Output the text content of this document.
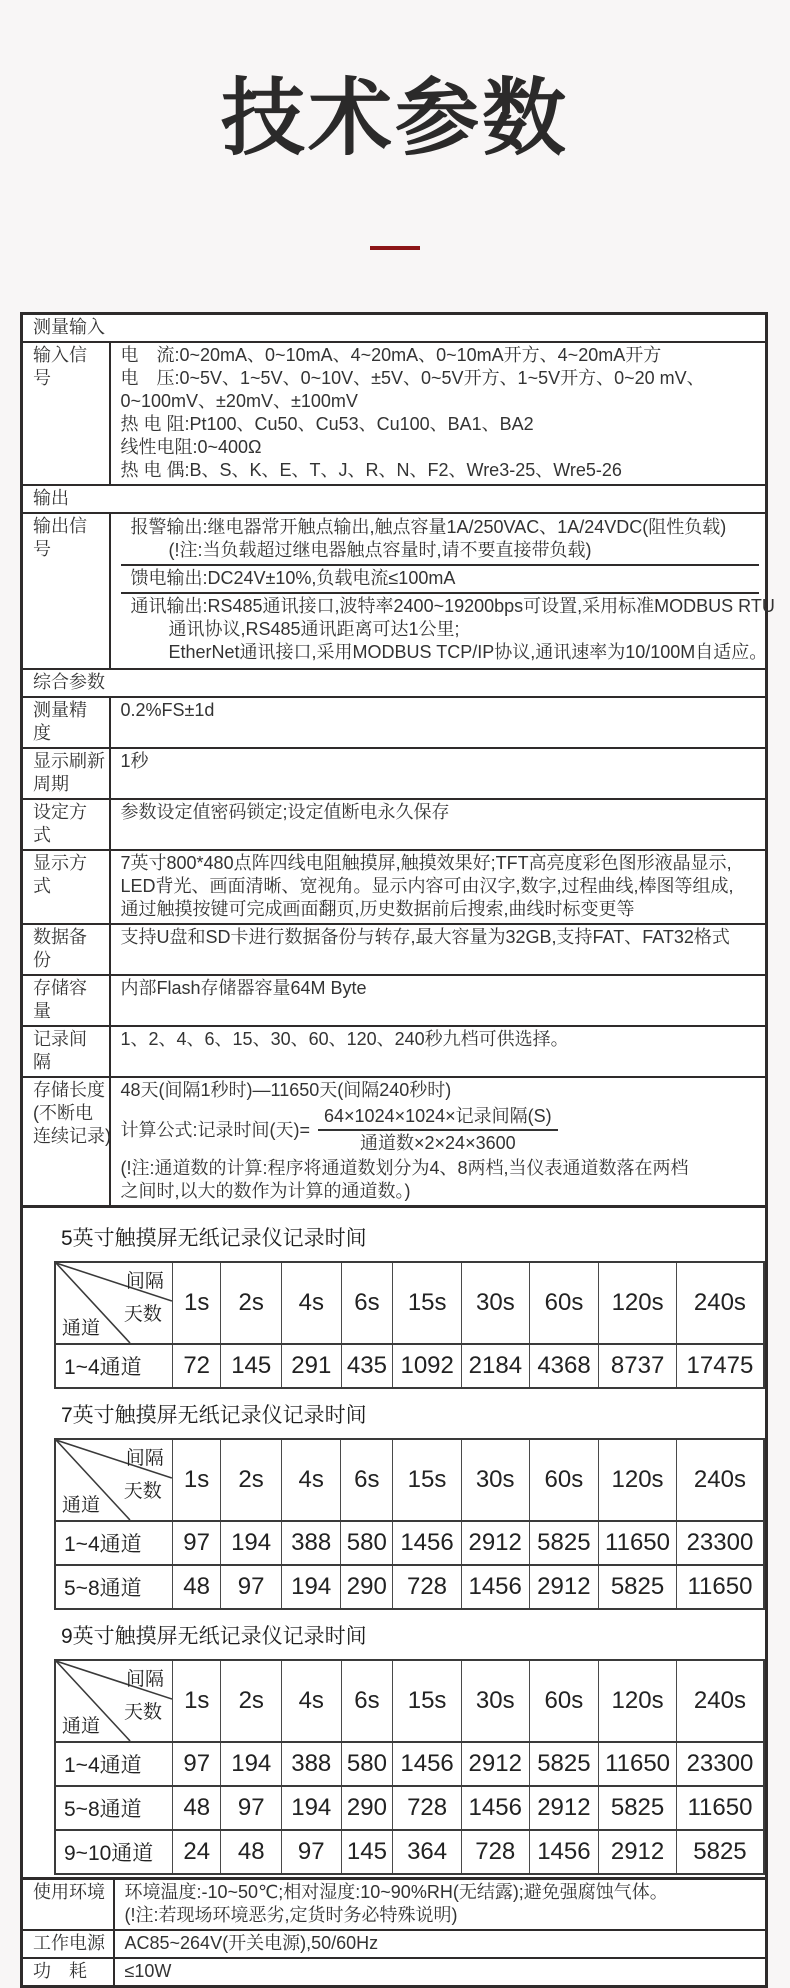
技术参数
测量输入	
输入信号	
电　流:0~20mA、0~10mA、4~20mA、0~10mA开方、4~20mA开方
电　压:0~5V、1~5V、0~10V、±5V、0~5V开方、1~5V开方、0~20 mV、
0~100mV、±20mV、±100mV
热 电 阻:Pt100、Cu50、Cu53、Cu100、BA1、BA2
线性电阻:0~400Ω
热 电 偶:B、S、K、E、T、J、R、N、F2、Wre3-25、Wre5-26

输出	
输出信号	
报警输出:继电器常开触点输出,触点容量1A/250VAC、1A/24VDC(阻性负载)
(!注:当负载超过继电器触点容量时,请不要直接带负载)
馈电输出:DC24V±10%,负载电流≤100mA
通讯输出:RS485通讯接口,波特率2400~19200bps可设置,采用标准MODBUS RTU
通讯协议,RS485通讯距离可达1公里;
EtherNet通讯接口,采用MODBUS TCP/IP协议,通讯速率为10/100M自适应。

综合参数	
测量精度	0.2%FS±1d

显示刷新
周期	1秒

设定方式	参数设定值密码锁定;设定值断电永久保存

显示方式	7英寸800*480点阵四线电阻触摸屏,触摸效果好;TFT高亮度彩色图形液晶显示,
LED背光、画面清晰、宽视角。显示内容可由汉字,数字,过程曲线,棒图等组成,
通过触摸按键可完成画面翻页,历史数据前后搜索,曲线时标变更等

数据备份	支持U盘和SD卡进行数据备份与转存,最大容量为32GB,支持FAT、FAT32格式

存储容量	内部Flash存储器容量64M Byte

记录间隔	1、2、4、6、15、30、60、120、240秒九档可供选择。

存储长度
(不断电
连续记录)

48天(间隔1秒时)—11650天(间隔240秒时)
计算公式:记录时间(天)= $\frac{\text{64×1024×1024×记录间隔(S)}}{\text{通道数×2×24×3600}}$
(!注:通道数的计算:程序将通道数划分为4、8两档,当仪表通道数落在两档
之间时,以大的数作为计算的通道数。)
5英寸触摸屏无纸记录仪记录时间
间隔
天数
通道	1s	2s	4s	6s	15s	30s	60s	120s	240s
1~4通道	72	145	291	435	1092	2184	4368	8737	17475
7英寸触摸屏无纸记录仪记录时间
间隔
天数
通道	1s	2s	4s	6s	15s	30s	60s	120s	240s
1~4通道	97	194	388	580	1456	2912	5825	11650	23300
5~8通道	48	97	194	290	728	1456	2912	5825	11650
9英寸触摸屏无纸记录仪记录时间
间隔
天数
通道	1s	2s	4s	6s	15s	30s	60s	120s	240s
1~4通道	97	194	388	580	1456	2912	5825	11650	23300
5~8通道	48	97	194	290	728	1456	2912	5825	11650
9~10通道	24	48	97	145	364	728	1456	2912	5825
使用环境	环境温度:-10~50℃;相对湿度:10~90%RH(无结露);避免强腐蚀气体。
(!注:若现场环境恶劣,定货时务必特殊说明)

工作电源	AC85~264V(开关电源),50/60Hz

功　耗	≤10W
